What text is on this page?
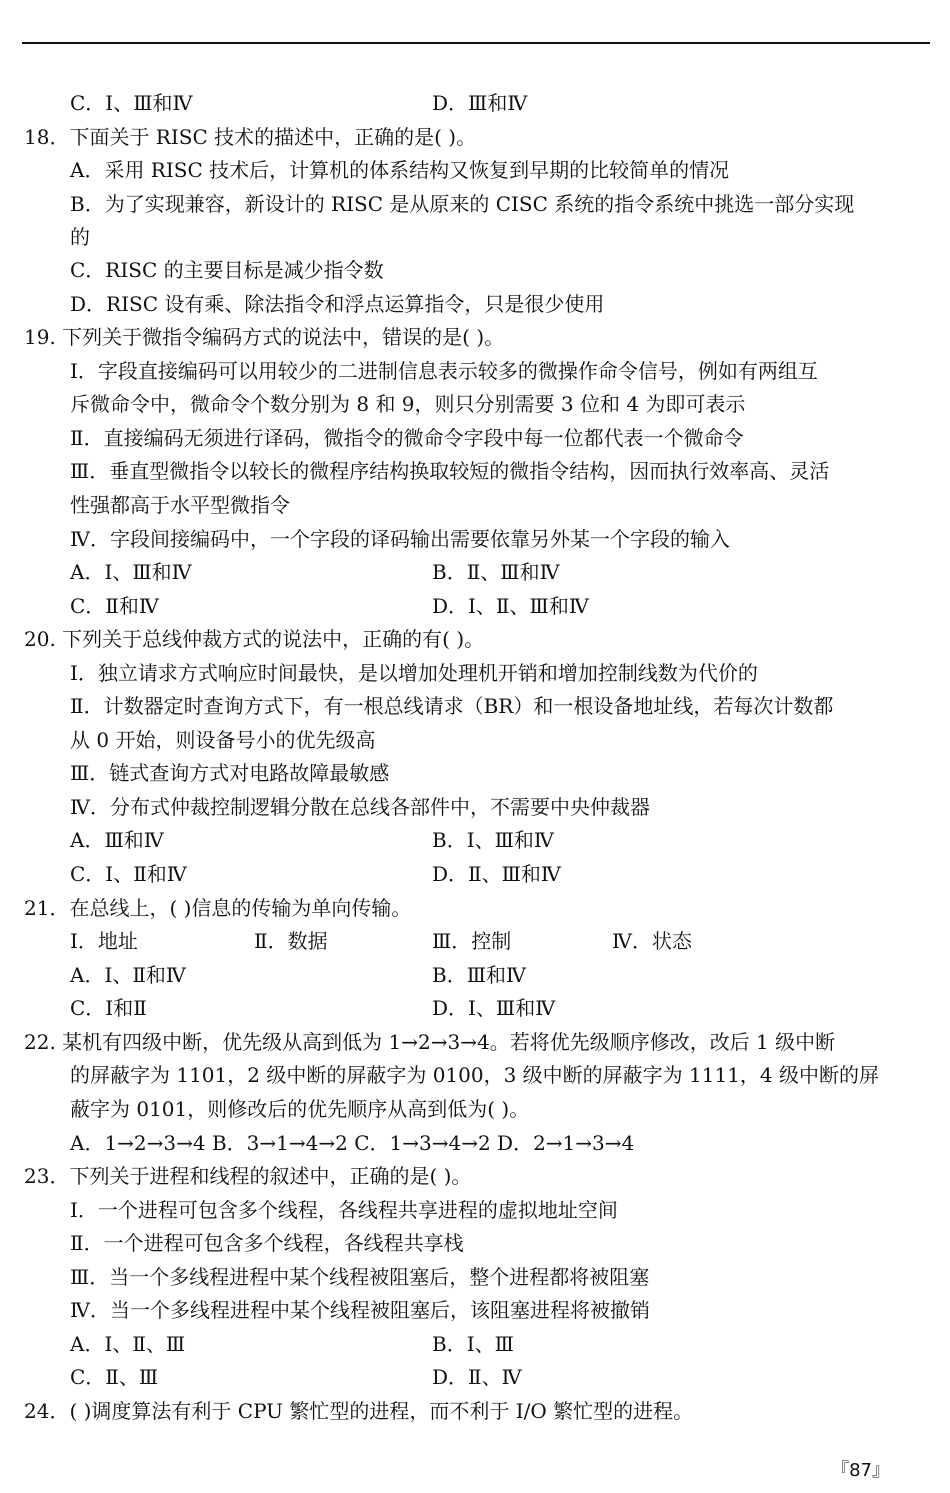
C．Ⅰ、Ⅲ和Ⅳ	D．Ⅲ和Ⅳ
18．下面关于 RISC 技术的描述中，正确的是( )。
A．采用 RISC 技术后，计算机的体系结构又恢复到早期的比较简单的情况
B．为了实现兼容，新设计的 RISC 是从原来的 CISC 系统的指令系统中挑选一部分实现
的
C．RISC 的主要目标是减少指令数
D．RISC 设有乘、除法指令和浮点运算指令，只是很少使用
19. 下列关于微指令编码方式的说法中，错误的是( )。
Ⅰ．字段直接编码可以用较少的二进制信息表示较多的微操作命令信号，例如有两组互
斥微命令中，微命令个数分别为 8 和 9，则只分别需要 3 位和 4 为即可表示
Ⅱ．直接编码无须进行译码，微指令的微命令字段中每一位都代表一个微命令
Ⅲ．垂直型微指令以较长的微程序结构换取较短的微指令结构，因而执行效率高、灵活
性强都高于水平型微指令
Ⅳ．字段间接编码中，一个字段的译码输出需要依靠另外某一个字段的输入
A．Ⅰ、Ⅲ和Ⅳ	B．Ⅱ、Ⅲ和Ⅳ
C．Ⅱ和Ⅳ	D．Ⅰ、Ⅱ、Ⅲ和Ⅳ
20. 下列关于总线仲裁方式的说法中，正确的有( )。
Ⅰ．独立请求方式响应时间最快，是以增加处理机开销和增加控制线数为代价的
Ⅱ．计数器定时查询方式下，有一根总线请求（BR）和一根设备地址线，若每次计数都
从 0 开始，则设备号小的优先级高
Ⅲ．链式查询方式对电路故障最敏感
Ⅳ．分布式仲裁控制逻辑分散在总线各部件中，不需要中央仲裁器
A．Ⅲ和Ⅳ	B．Ⅰ、Ⅲ和Ⅳ
C．Ⅰ、Ⅱ和Ⅳ	D．Ⅱ、Ⅲ和Ⅳ
21．在总线上，( )信息的传输为单向传输。
Ⅰ．地址	Ⅱ．数据	Ⅲ．控制	Ⅳ．状态
A．Ⅰ、Ⅱ和Ⅳ	B．Ⅲ和Ⅳ
C．Ⅰ和Ⅱ	D．Ⅰ、Ⅲ和Ⅳ
22. 某机有四级中断，优先级从高到低为 1→2→3→4。若将优先级顺序修改，改后 1 级中断
的屏蔽字为 1101，2 级中断的屏蔽字为 0100，3 级中断的屏蔽字为 1111，4 级中断的屏
蔽字为 0101，则修改后的优先顺序从高到低为( )。
A．1→2→3→4 B．3→1→4→2 C．1→3→4→2 D．2→1→3→4
23．下列关于进程和线程的叙述中，正确的是( )。
Ⅰ．一个进程可包含多个线程，各线程共享进程的虚拟地址空间
Ⅱ．一个进程可包含多个线程，各线程共享栈
Ⅲ．当一个多线程进程中某个线程被阻塞后，整个进程都将被阻塞
Ⅳ．当一个多线程进程中某个线程被阻塞后，该阻塞进程将被撤销
A．Ⅰ、Ⅱ、Ⅲ	B．Ⅰ、Ⅲ
C．Ⅱ、Ⅲ	D．Ⅱ、Ⅳ
24．( )调度算法有利于 CPU 繁忙型的进程，而不利于 I/O 繁忙型的进程。
『87』
